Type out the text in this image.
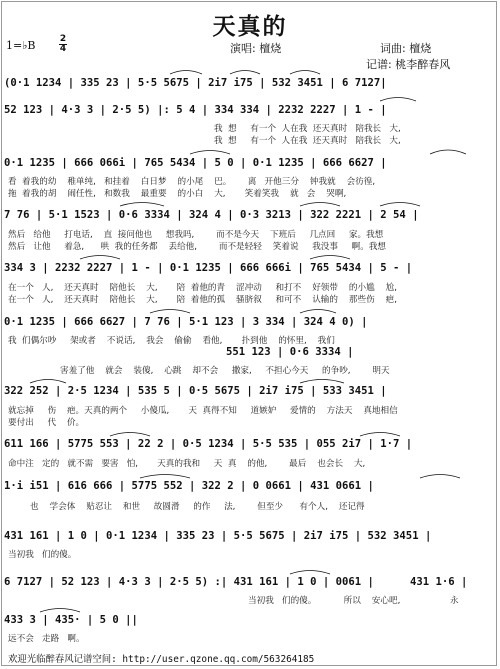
天真的
演唱: 檀烧	词曲: 檀烧
记谱: 桃李醉春风
1=♭B	2
4
(0·1 1234 | 335 23 | 5·5 5675 | 2i7 i75 | 532 3451 | 6 7127|
52 123 | 4·3 3 | 2·5 5) |: 5 4 | 334 334 | 2232 2227 | 1 - |
我  想     有一个  人在我  还天真时   陪我长   大,
我  想     有一个  人在我  还天真时   陪我长   大,
0·1 1235 | 666 066i | 765 5434 | 5 0 | 0·1 1235 | 666 6627 |
看  着我的幼    稚单纯,   和挂着    白日梦    的小尾    巴。      离   开他三分    钟我就    会彷徨,
拖  着我的胡    闹任性,   和数我    最重要    的小白    大,       笑着笑我    就   会    哭啊,
7 76 | 5·1 1523 | 0·6 3334 | 324 4 | 0·3 3213 | 322 2221 | 2 54 |
然后   给他     打电话,    直  接问他也     想我吗,        而不是今天    下班后     几点回     家。我想
然后   让他     着急,      哄  我的任务都    丢给他,        而不是轻轻    笑着说     我没事     啊。我想
334 3 | 2232 2227 | 1 - | 0·1 1235 | 666 666i | 765 5434 | 5 - |
在一个   人,    还天真时    陪他长    大,       陪  着他的青    涩冲动     和打不    好领带    的小尴    尬,
在一个   人,    还天真时    陪他长    大,       陪  着他的孤    骚脐叙     和可不    认输的    那些伤    疤,
0·1 1235 | 666 6627 | 7 76 | 5·1 123 | 3 334 | 324 4 0) |
我  们偶尔吵     架或者    不说话,    我会    偷偷    看他,       扑到他    的怀里,    我们
551 123 | 0·6 3334 |
害羞了他    就会    装傻,    心跳    却不会     撒家,     不担心今天     的争吵,        明天
322 252 | 2·5 1234 | 535 5 | 0·5 5675 | 2i7 i75 | 533 3451 |
就忘掉     伤    疤。天真的两个     小傻瓜,       天  真得不知     道嫉妒     爱情的    方法天    真地相信
要付出     代    价。
611 166 | 5775 553 | 22 2 | 0·5 1234 | 5·5 535 | 055 2i7 | 1·7 |
命中注   定的   就不需   要害   怕,       天真的我和     天  真    的他,        最后    也会长    大,
1·i i51 | 616 666 | 5775 552 | 322 2 | 0 0661 | 431 0661 |
也    学会体    贴忍让    和世     故圆滑     的作     法,        但至少      有个人,    还记得
431 161 | 1 0 | 0·1 1234 | 335 23 | 5·5 5675 | 2i7 i75 | 532 3451 |
当初我   们的傻。
6 7127 | 52 123 | 4·3 3 | 2·5 5) :| 431 161 | 1 0 | 0061 |
当初我   们的傻。          所以    安心吧,
431 1·6 |
永
433 3 | 435· | 5 0 ||
远不会   走路   啊。
欢迎光临醉春风记谱空间: http://user.qzone.qq.com/563264185
